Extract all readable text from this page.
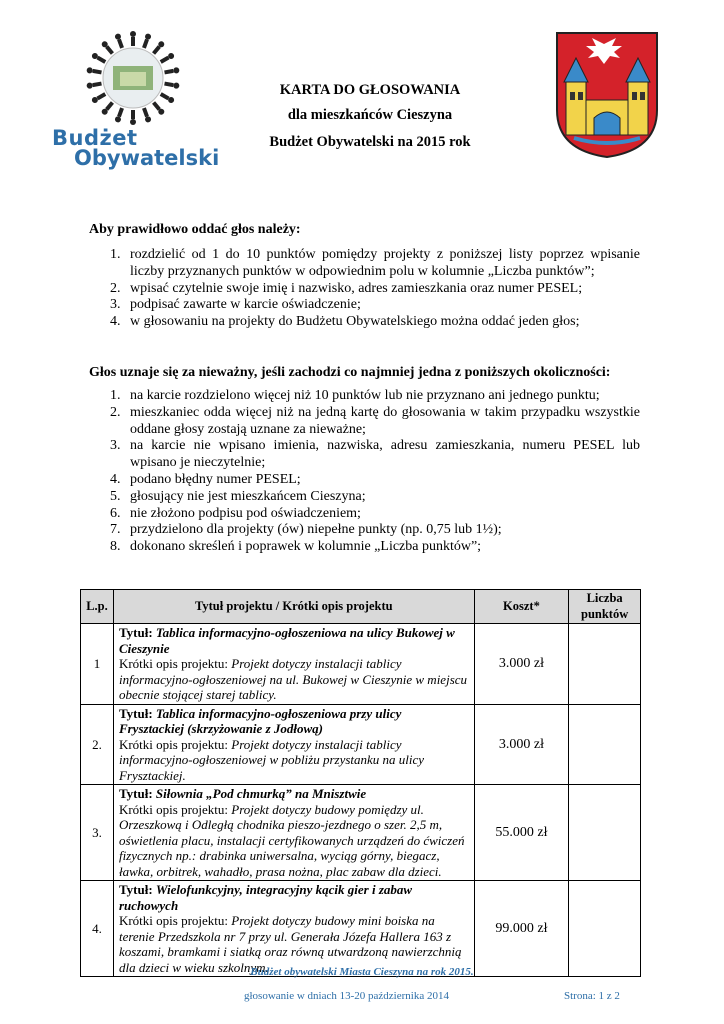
Budżet
Obywatelski
KARTA DO GŁOSOWANIA
dla mieszkańców Cieszyna
Budżet Obywatelski na 2015 rok
Aby prawidłowo oddać głos należy:
1. rozdzielić od 1 do 10 punktów pomiędzy projekty z poniższej listy poprzez wpisanie liczby przyznanych punktów w odpowiednim polu w kolumnie „Liczba punktów”;
2. wpisać czytelnie swoje imię i nazwisko, adres zamieszkania oraz numer PESEL;
3. podpisać zawarte w karcie oświadczenie;
4. w głosowaniu na projekty do Budżetu Obywatelskiego można oddać jeden głos;
Głos uznaje się za nieważny, jeśli zachodzi co najmniej jedna z poniższych okoliczności:
1. na karcie rozdzielono więcej niż 10 punktów lub nie przyznano ani jednego punktu;
2. mieszkaniec odda więcej niż na jedną kartę do głosowania w takim przypadku wszystkie oddane głosy zostają uznane za nieważne;
3. na karcie nie wpisano imienia, nazwiska, adresu zamieszkania, numeru PESEL lub wpisano je nieczytelnie;
4. podano błędny numer PESEL;
5. głosujący nie jest mieszkańcem Cieszyna;
6. nie złożono podpisu pod oświadczeniem;
7. przydzielono dla projekty (ów) niepełne punkty (np. 0,75 lub 1½);
8. dokonano skreśleń i poprawek w kolumnie „Liczba punktów”;
L.p.	Tytuł projektu / Krótki opis projektu	Koszt*	Liczba punktów
1	Tytuł: Tablica informacyjno-ogłoszeniowa na ulicy Bukowej w Cieszynie
Krótki opis projektu: Projekt dotyczy instalacji tablicy informacyjno-ogłoszeniowej na ul. Bukowej w Cieszynie w miejscu obecnie stojącej starej tablicy.	3.000 zł	
2.	Tytuł: Tablica informacyjno-ogłoszeniowa przy ulicy Frysztackiej (skrzyżowanie z Jodłową)
Krótki opis projektu: Projekt dotyczy instalacji tablicy informacyjno-ogłoszeniowej w pobliżu przystanku na ulicy Frysztackiej.	3.000 zł	
3.	Tytuł: Siłownia „Pod chmurką” na Mnisztwie
Krótki opis projektu: Projekt dotyczy budowy pomiędzy ul. Orzeszkową i Odległą chodnika pieszo-jezdnego o szer. 2,5 m, oświetlenia placu, instalacji certyfikowanych urządzeń do ćwiczeń fizycznych np.: drabinka uniwersalna, wyciąg górny, biegacz, ławka, orbitrek, wahadło, prasa nożna, plac zabaw dla dzieci.	55.000 zł	
4.	Tytuł: Wielofunkcyjny, integracyjny kącik gier i zabaw ruchowych
Krótki opis projektu: Projekt dotyczy budowy mini boiska na terenie Przedszkola nr 7 przy ul. Generała Józefa Hallera 163 z koszami, bramkami i siatką oraz równą utwardzoną nawierzchnią dla dzieci w wieku szkolnym.	99.000 zł	
Budżet obywatelski Miasta Cieszyna na rok 2015.
głosowanie w dniach 13-20 października 2014	Strona: 1 z 2
